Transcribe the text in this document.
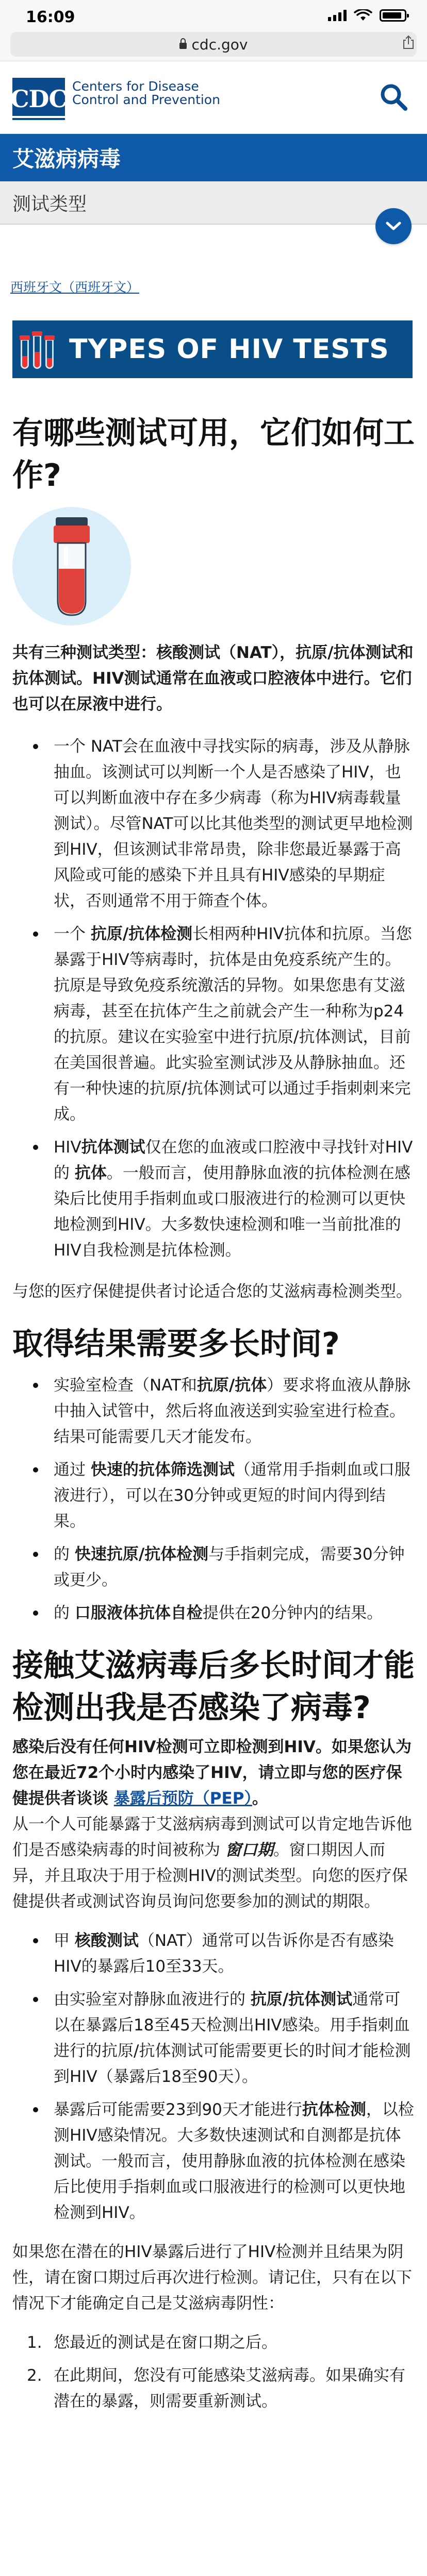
16:09
cdc.gov
CDC Centers for Disease
Control and Prevention
艾滋病病毒
测试类型
西班牙文（西班牙文）
TYPES OF HIV TESTS
有哪些测试可用，它们如何工作?

共有三种测试类型：核酸测试（NAT），抗原/抗体测试和抗体测试。HIV测试通常在血液或口腔液体中进行。它们也可以在尿液中进行。

一个 NAT会在血液中寻找实际的病毒，涉及从静脉抽血。该测试可以判断一个人是否感染了HIV，也可以判断血液中存在多少病毒（称为HIV病毒载量测试）。尽管NAT可以比其他类型的测试更早地检测到HIV，但该测试非常昂贵，除非您最近暴露于高风险或可能的感染下并且具有HIV感染的早期症状，否则通常不用于筛查个体。
一个 抗原/抗体检测长相两种HIV抗体和抗原。当您暴露于HIV等病毒时，抗体是由免疫系统产生的。抗原是导致免疫系统激活的异物。如果您患有艾滋病毒，甚至在抗体产生之前就会产生一种称为p24的抗原。建议在实验室中进行抗原/抗体测试，目前在美国很普遍。此实验室测试涉及从静脉抽血。还有一种快速的抗原/抗体测试可以通过手指刺刺来完成。
HIV抗体测试仅在您的血液或口腔液中寻找针对HIV的 抗体。一般而言，使用静脉血液的抗体检测在感染后比使用手指刺血或口服液进行的检测可以更快地检测到HIV。大多数快速检测和唯一当前批准的HIV自我检测是抗体检测。

与您的医疗保健提供者讨论适合您的艾滋病毒检测类型。

取得结果需要多长时间?
实验室检查（NAT和抗原/抗体）要求将血液从静脉中抽入试管中，然后将血液送到实验室进行检查。结果可能需要几天才能发布。
通过 快速的抗体筛选测试（通常用手指刺血或口服液进行），可以在30分钟或更短的时间内得到结果。
的 快速抗原/抗体检测与手指刺完成，需要30分钟或更少。
的 口服液体抗体自检提供在20分钟内的结果。
接触艾滋病毒后多长时间才能检测出我是否感染了病毒?

感染后没有任何HIV检测可立即检测到HIV。如果您认为您在最近72个小时内感染了HIV，请立即与您的医疗保健提供者谈谈 暴露后预防（PEP）。

从一个人可能暴露于艾滋病病毒到测试可以肯定地告诉他们是否感染病毒的时间被称为 窗口期。窗口期因人而异，并且取决于用于检测HIV的测试类型。向您的医疗保健提供者或测试咨询员询问您要参加的测试的期限。

甲 核酸测试（NAT）通常可以告诉你是否有感染HIV的暴露后10至33天。
由实验室对静脉血液进行的 抗原/抗体测试通常可以在暴露后18至45天检测出HIV感染。用手指刺血进行的抗原/抗体测试可能需要更长的时间才能检测到HIV（暴露后18至90天）。
暴露后可能需要23到90天才能进行抗体检测，以检测HIV感染情况。大多数快速测试和自测都是抗体测试。一般而言，使用静脉血液的抗体检测在感染后比使用手指刺血或口服液进行的检测可以更快地检测到HIV。

如果您在潜在的HIV暴露后进行了HIV检测并且结果为阴性，请在窗口期过后再次进行检测。请记住，只有在以下情况下才能确定自己是艾滋病毒阴性：

1. 您最近的测试是在窗口期之后。
2. 在此期间，您没有可能感染艾滋病毒。如果确实有潜在的暴露，则需要重新测试。
